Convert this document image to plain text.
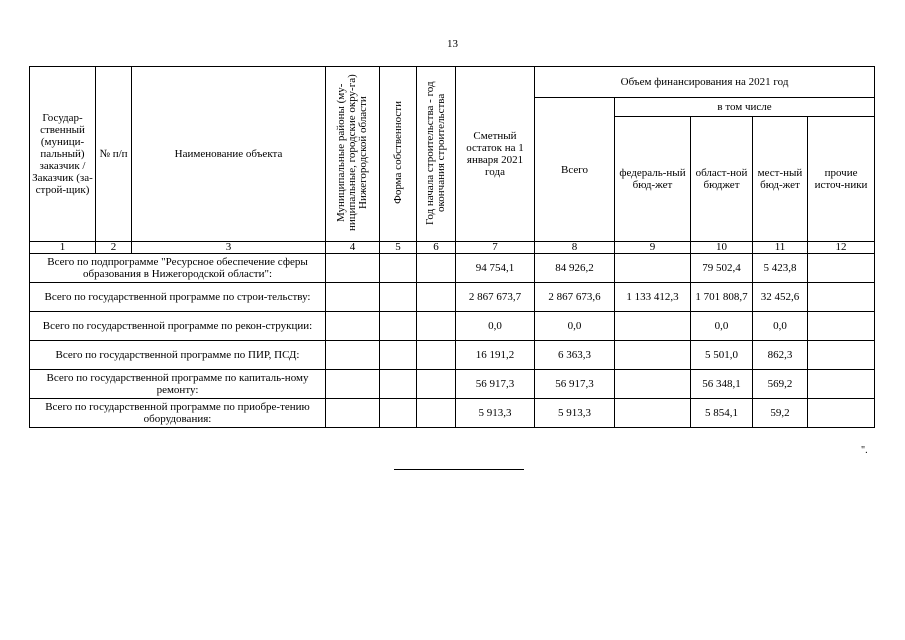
13
Государ-ственный (муници-пальный) заказчик / Заказчик (за-строй-щик)	№ п/п	Наименование объекта	Муниципальные районы (му-ниципальные, городские окру-га) Нижегородской области	Форма собственности	Год начала строительства - год окончания строительства	Сметный остаток на 1 января 2021 года	Объем финансирования на 2021 год				
							Всего	в том числе			
								федераль-ный бюд-жет	област-ной бюджет	мест-ный бюд-жет	прочие источ-ники
1	2	3	4	5	6	7	8	9	10	11	12
Всего по подпрограмме "Ресурсное обеспечение сферы образования в Нижегородской области":						94 754,1	84 926,2		79 502,4	5 423,8	
Всего по государственной программе по строи-тельству:						2 867 673,7	2 867 673,6	1 133 412,3	1 701 808,7	32 452,6	
Всего по государственной программе по рекон-струкции:						0,0	0,0		0,0	0,0	
Всего по государственной программе по ПИР, ПСД:						16 191,2	6 363,3		5 501,0	862,3	
Всего по государственной программе по капиталь-ному ремонту:						56 917,3	56 917,3		56 348,1	569,2	
Всего по государственной программе по приобре-тению оборудования:						5 913,3	5 913,3		5 854,1	59,2	
".
